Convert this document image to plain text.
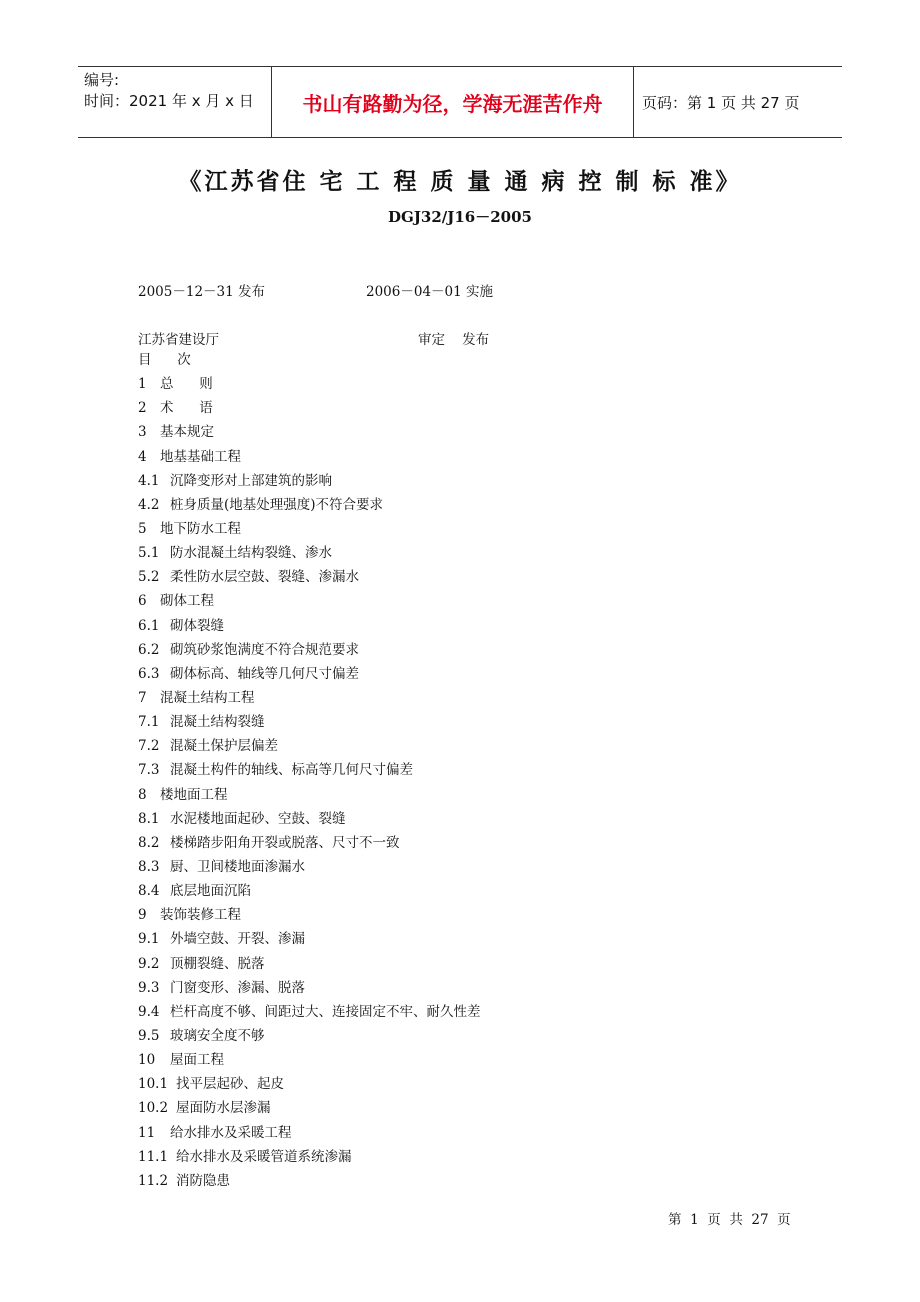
编号:
时间：2021 年 x 月 x 日	书山有路勤为径，学海无涯苦作舟	页码：第 1 页 共 27 页
《江苏省住 宅 工 程 质 量 通 病 控 制 标 准》
DGJ32/J16－2005
2005－12－31 发布	2006－04－01 实施
江苏省建设厅	审定    发布
目      次
1 总      则
2 术      语
3 基本规定
4 地基基础工程
4.1 沉降变形对上部建筑的影响
4.2 桩身质量(地基处理强度)不符合要求
5 地下防水工程
5.1 防水混凝土结构裂缝、渗水
5.2 柔性防水层空鼓、裂缝、渗漏水
6 砌体工程
6.1 砌体裂缝
6.2 砌筑砂浆饱满度不符合规范要求
6.3 砌体标高、轴线等几何尺寸偏差
7 混凝土结构工程
7.1 混凝土结构裂缝
7.2 混凝土保护层偏差
7.3 混凝土构件的轴线、标高等几何尺寸偏差
8 楼地面工程
8.1 水泥楼地面起砂、空鼓、裂缝
8.2 楼梯踏步阳角开裂或脱落、尺寸不一致
8.3 厨、卫间楼地面渗漏水
8.4 底层地面沉陷
9 装饰装修工程
9.1 外墙空鼓、开裂、渗漏
9.2 顶棚裂缝、脱落
9.3 门窗变形、渗漏、脱落
9.4 栏杆高度不够、间距过大、连接固定不牢、耐久性差
9.5 玻璃安全度不够
10 屋面工程
10.1 找平层起砂、起皮
10.2 屋面防水层渗漏
11 给水排水及采暖工程
11.1 给水排水及采暖管道系统渗漏
11.2 消防隐患
第  1  页  共  27  页
